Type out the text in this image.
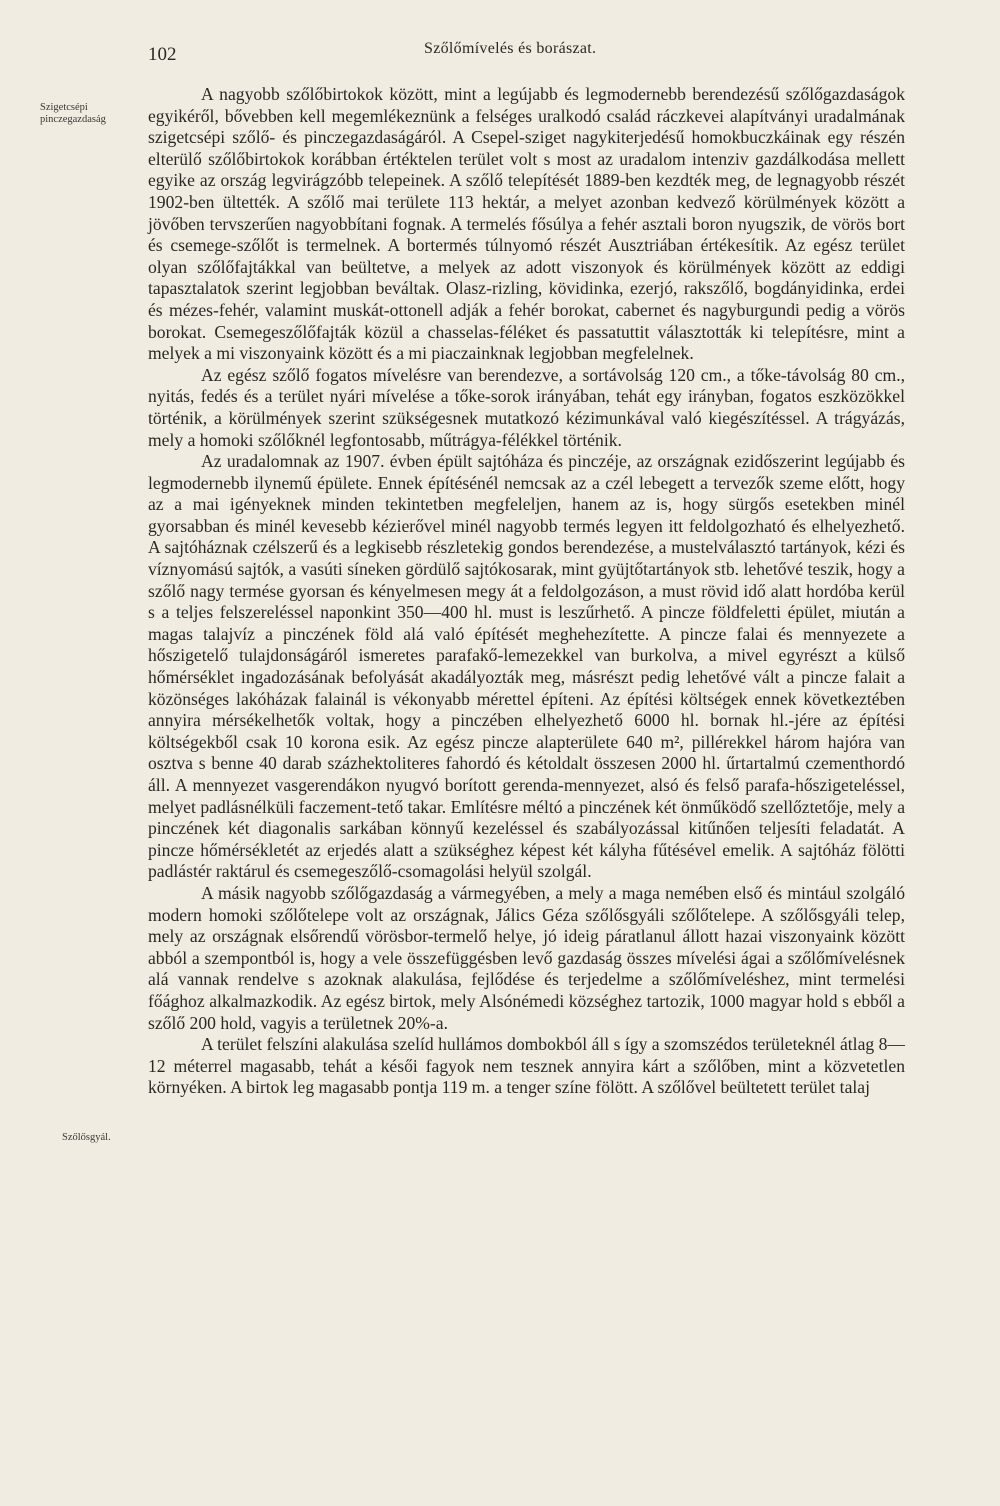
102	Szőlőmívelés és borászat.
Szigetcsépi pinczegazdaság
Szőlősgyál.

A nagyobb szőlőbirtokok között, mint a legújabb és legmodernebb berendezésű szőlőgazdaságok egyikéről, bővebben kell megemlékeznünk a felséges uralkodó család ráczkevei alapítványi uradalmának szigetcsépi szőlő- és pinczegazdaságáról. A Csepel-sziget nagykiterjedésű homokbuczkáinak egy részén elterülő szőlőbirtokok korábban értéktelen terület volt s most az uradalom intenziv gazdálkodása mellett egyike az ország legvirágzóbb telepeinek. A szőlő telepítését 1889-ben kezdték meg, de legnagyobb részét 1902-ben ültették. A szőlő mai területe 113 hektár, a melyet azonban kedvező körülmények között a jövőben tervszerűen nagyobbítani fognak. A termelés fősúlya a fehér asztali boron nyugszik, de vörös bort és csemege-szőlőt is termelnek. A bortermés túlnyomó részét Ausztriában értékesítik. Az egész terület olyan szőlőfajtákkal van beültetve, a melyek az adott viszonyok és körülmények között az eddigi tapasztalatok szerint legjobban beváltak. Olasz-rizling, kövidinka, ezerjó, rakszőlő, bogdányidinka, erdei és mézes-fehér, valamint muskát-ottonell adják a fehér borokat, cabernet és nagyburgundi pedig a vörös borokat. Csemegeszőlőfajták közül a chasselas-féléket és passatuttit választották ki telepítésre, mint a melyek a mi viszonyaink között és a mi piaczainknak legjobban megfelelnek.

Az egész szőlő fogatos mívelésre van berendezve, a sortávolság 120 cm., a tőke-távolság 80 cm., nyitás, fedés és a terület nyári mívelése a tőke-sorok irányában, tehát egy irányban, fogatos eszközökkel történik, a körülmények szerint szükségesnek mutatkozó kézimunkával való kiegészítéssel. A trágyázás, mely a homoki szőlőknél legfontosabb, műtrágya-félékkel történik.

Az uradalomnak az 1907. évben épült sajtóháza és pinczéje, az országnak ezidőszerint legújabb és legmodernebb ilynemű épülete. Ennek építésénél nemcsak az a czél lebegett a tervezők szeme előtt, hogy az a mai igényeknek minden tekintetben megfeleljen, hanem az is, hogy sürgős esetekben minél gyorsabban és minél kevesebb kézierővel minél nagyobb termés legyen itt feldolgozható és elhelyezhető. A sajtóháznak czélszerű és a legkisebb részletekig gondos berendezése, a mustelválasztó tartányok, kézi és víznyomású sajtók, a vasúti síneken gördülő sajtókosarak, mint gyüjtőtartányok stb. lehetővé teszik, hogy a szőlő nagy termése gyorsan és kényelmesen megy át a feldolgozáson, a must rövid idő alatt hordóba kerül s a teljes felszereléssel naponkint 350—400 hl. must is leszűrhető. A pincze földfeletti épület, miután a magas talajvíz a pinczének föld alá való építését meghehezítette. A pincze falai és mennyezete a hőszigetelő tulajdonságáról ismeretes parafakő-lemezekkel van burkolva, a mivel egyrészt a külső hőmérséklet ingadozásának befolyását akadályozták meg, másrészt pedig lehetővé vált a pincze falait a közönséges lakóházak falainál is vékonyabb mérettel építeni. Az építési költségek ennek következtében annyira mérsékelhetők voltak, hogy a pinczében elhelyezhető 6000 hl. bornak hl.-jére az építési költségekből csak 10 korona esik. Az egész pincze alapterülete 640 m², pillérekkel három hajóra van osztva s benne 40 darab százhektoliteres fahordó és kétoldalt összesen 2000 hl. űrtartalmú czementhordó áll. A mennyezet vasgerendákon nyugvó borított gerenda-mennyezet, alsó és felső parafa-hőszigeteléssel, melyet padlásnélküli faczement-tető takar. Említésre méltó a pinczének két önműködő szellőztetője, mely a pinczének két diagonalis sarkában könnyű kezeléssel és szabályozással kitűnően teljesíti feladatát. A pincze hőmérsékletét az erjedés alatt a szükséghez képest két kályha fűtésével emelik. A sajtóház fölötti padlástér raktárul és csemegeszőlő-csomagolási helyül szolgál.

A másik nagyobb szőlőgazdaság a vármegyében, a mely a maga nemében első és mintául szolgáló modern homoki szőlőtelepe volt az országnak, Jálics Géza szőlősgyáli szőlőtelepe. A szőlősgyáli telep, mely az országnak elsőrendű vörösbor-termelő helye, jó ideig páratlanul állott hazai viszonyaink között abból a szempontból is, hogy a vele összefüggésben levő gazdaság összes mívelési ágai a szőlőmívelésnek alá vannak rendelve s azoknak alakulása, fejlődése és terjedelme a szőlőmíveléshez, mint termelési főághoz alkalmazkodik. Az egész birtok, mely Alsónémedi községhez tartozik, 1000 magyar hold s ebből a szőlő 200 hold, vagyis a területnek 20%-a.

A terület felszíni alakulása szelíd hullámos dombokból áll s így a szomszédos területeknél átlag 8—12 méterrel magasabb, tehát a késői fagyok nem tesznek annyira kárt a szőlőben, mint a közvetetlen környéken. A birtok leg magasabb pontja 119 m. a tenger színe fölött. A szőlővel beültetett terület talaj
